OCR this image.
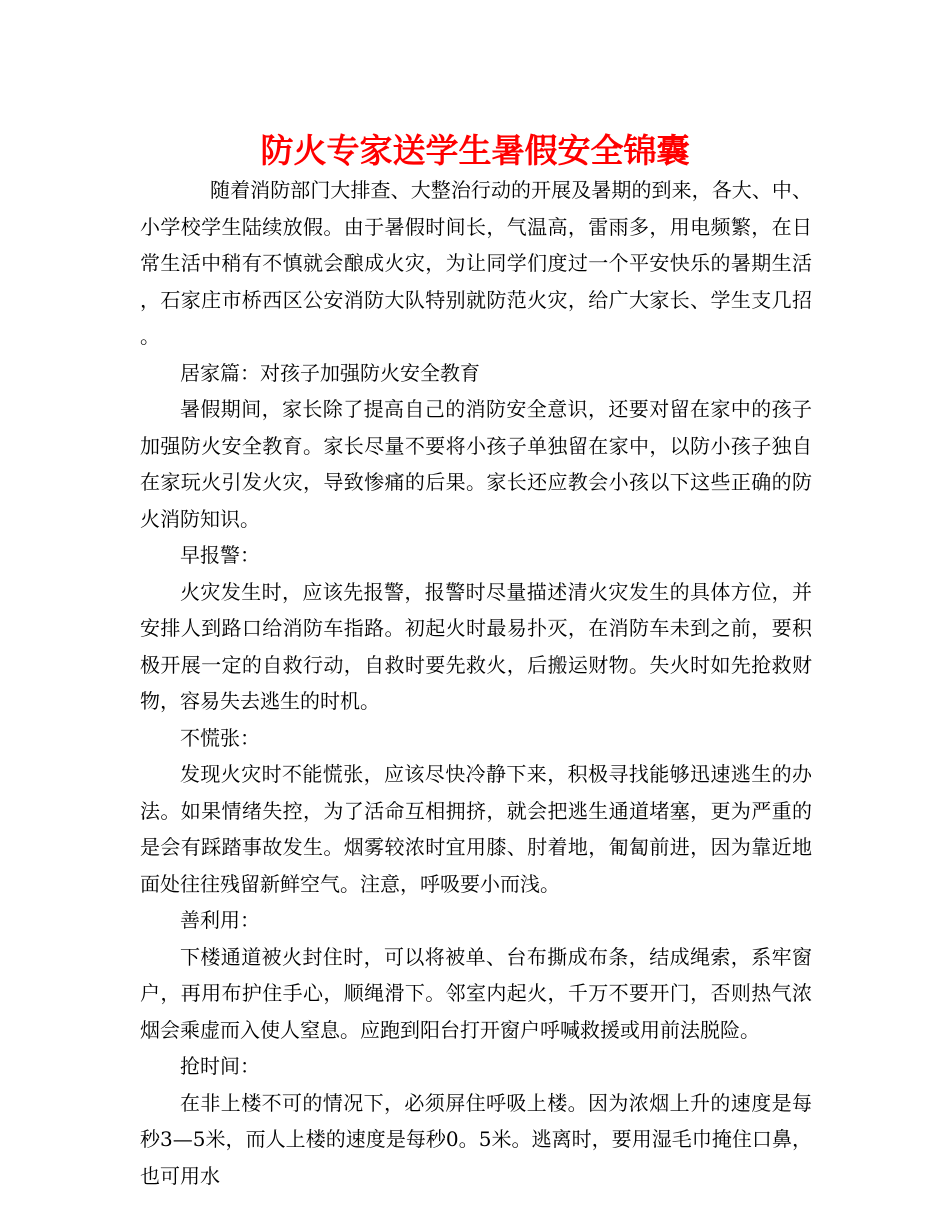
防火专家送学生暑假安全锦囊

随着消防部门大排查、大整治行动的开展及暑期的到来，各大、中、小学校学生陆续放假。由于暑假时间长，气温高，雷雨多，用电频繁，在日常生活中稍有不慎就会酿成火灾，为让同学们度过一个平安快乐的暑期生活，石家庄市桥西区公安消防大队特别就防范火灾，给广大家长、学生支几招。

居家篇：对孩子加强防火安全教育

暑假期间，家长除了提高自己的消防安全意识，还要对留在家中的孩子加强防火安全教育。家长尽量不要将小孩子单独留在家中，以防小孩子独自在家玩火引发火灾，导致惨痛的后果。家长还应教会小孩以下这些正确的防火消防知识。

早报警：

火灾发生时，应该先报警，报警时尽量描述清火灾发生的具体方位，并安排人到路口给消防车指路。初起火时最易扑灭，在消防车未到之前，要积极开展一定的自救行动，自救时要先救火，后搬运财物。失火时如先抢救财物，容易失去逃生的时机。

不慌张：

发现火灾时不能慌张，应该尽快冷静下来，积极寻找能够迅速逃生的办法。如果情绪失控，为了活命互相拥挤，就会把逃生通道堵塞，更为严重的是会有踩踏事故发生。烟雾较浓时宜用膝、肘着地，匍匐前进，因为靠近地面处往往残留新鲜空气。注意，呼吸要小而浅。

善利用：

下楼通道被火封住时，可以将被单、台布撕成布条，结成绳索，系牢窗户，再用布护住手心，顺绳滑下。邻室内起火，千万不要开门，否则热气浓烟会乘虚而入使人窒息。应跑到阳台打开窗户呼喊救援或用前法脱险。

抢时间：

在非上楼不可的情况下，必须屏住呼吸上楼。因为浓烟上升的速度是每秒3—5米，而人上楼的速度是每秒0。5米。逃离时，要用湿毛巾掩住口鼻，也可用水
